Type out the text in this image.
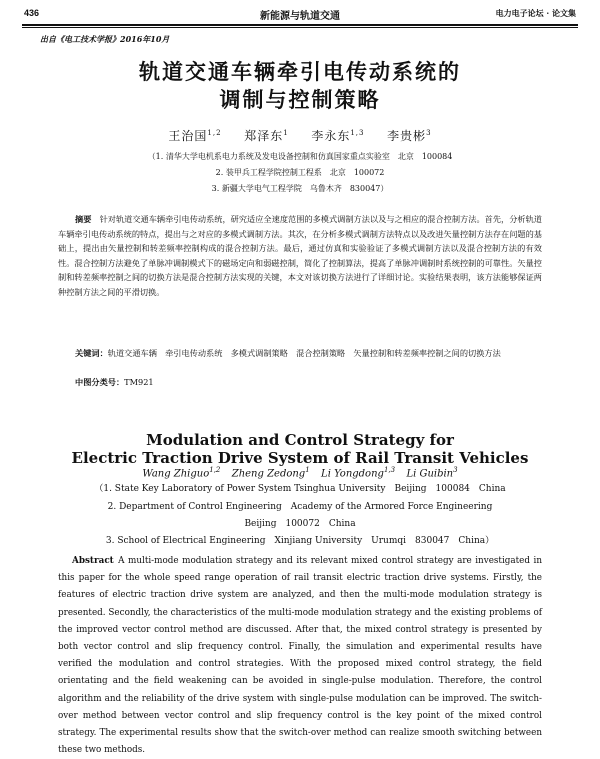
436	新能源与轨道交通	电力电子论坛 · 论文集
出自《电工技术学报》2016年10月
轨道交通车辆牵引电传动系统的
调制与控制策略
王治国$^{1,2}$   郑泽东$^1$   李永东$^{1,3}$   李贵彬$^3$
（1. 清华大学电机系电力系统及发电设备控制和仿真国家重点实验室　北京　100084
2. 装甲兵工程学院控制工程系　北京　100072
3. 新疆大学电气工程学院　乌鲁木齐　830047）

摘要  针对轨道交通车辆牵引电传动系统，研究适应全速度范围的多模式调制方法以及与之相应的混合控制方法。首先，分析轨道车辆牵引电传动系统的特点，提出与之对应的多模式调制方法。其次，在分析多模式调制方法特点以及改进矢量控制方法存在问题的基础上，提出由矢量控制和转差频率控制构成的混合控制方法。最后，通过仿真和实验验证了多模式调制方法以及混合控制方法的有效性。混合控制方法避免了单脉冲调制模式下的磁场定向和弱磁控制，简化了控制算法，提高了单脉冲调制时系统控制的可靠性。矢量控制和转差频率控制之间的切换方法是混合控制方法实现的关键，本文对该切换方法进行了详细讨论。实验结果表明，该方法能够保证两种控制方法之间的平滑切换。

关键词：轨道交通车辆　牵引电传动系统　多模式调制策略　混合控制策略　矢量控制和转差频率控制之间的切换方法

中图分类号：TM921
Modulation and Control Strategy for
Electric Traction Drive System of Rail Transit Vehicles
Wang Zhiguo$^{1,2}$   Zheng Zedong$^1$   Li Yongdong$^{1,3}$   Li Guibin$^3$
（1. State Key Laboratory of Power System Tsinghua University　Beijing　100084　China
2. Department of Control Engineering　Academy of the Armored Force Engineering
Beijing　100072　China

Abstract  A multi-mode modulation strategy and its relevant mixed control strategy are investigated in this paper for the whole speed range operation of rail transit electric traction drive systems. Firstly, the features of electric traction drive system are analyzed, and then the multi-mode modulation strategy is presented. Secondly, the characteristics of the multi-mode modulation strategy and the existing problems of the improved vector control method are discussed. After that, the mixed control strategy is presented by both vector control and slip frequency control. Finally, the simulation and experimental results have verified the modulation and control strategies. With the proposed mixed control strategy, the field orientating and the field weakening can be avoided in single-pulse modulation. Therefore, the control algorithm and the reliability of the drive system with single-pulse modulation can be improved. The switch-over method between vector control and slip frequency control is the key point of the mixed control strategy. The experimental results show that the switch-over method can realize smooth switching between these two methods.

3. School of Electrical Engineering　Xinjiang University　Urumqi　830047　China）
